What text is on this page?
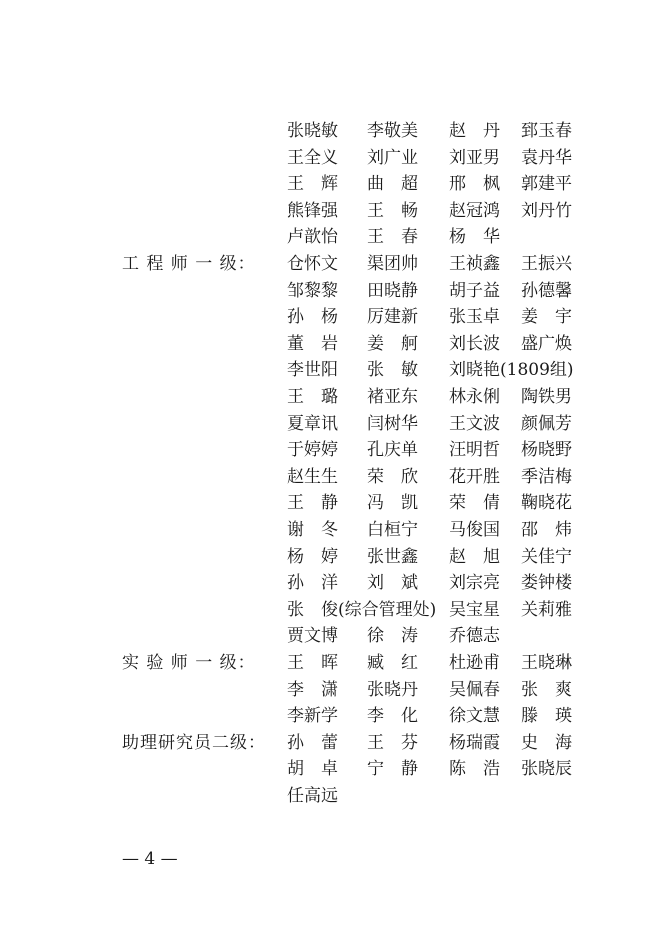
张晓敏 李敬美 赵　丹 郅玉春
王全义 刘广业 刘亚男 袁丹华
王　辉 曲　超 邢　枫 郭建平
熊锋强 王　畅 赵冠鸿 刘丹竹
卢歆怡 王　春 杨　华
工 程 师 一 级：	仓怀文 渠团帅 王祯鑫 王振兴
邹黎黎 田晓静 胡子益 孙德馨
孙　杨 厉建新 张玉卓 姜　宇
董　岩 姜　舸 刘长波 盛广焕
李世阳 张　敏 刘晓艳(1809组)
王　璐 褚亚东 林永俐 陶铁男
夏章讯 闫树华 王文波 颜佩芳
于婷婷 孔庆单 汪明哲 杨晓野
赵生生 荣　欣 花开胜 季洁梅
王　静 冯　凯 荣　倩 鞠晓花
谢　冬 白桓宁 马俊国 邵　炜
杨　婷 张世鑫 赵　旭 关佳宁
孙　洋 刘　斌 刘宗亮 娄钟楼
张　俊(综合管理处) 吴宝星 关莉雅
贾文博 徐　涛 乔德志
实 验 师 一 级：	王　晖 臧　红 杜逊甫 王晓琳
李　潇 张晓丹 吴佩春 张　爽
李新学 李　化 徐文慧 滕　瑛
助理研究员二级：	孙　蕾 王　芬 杨瑞霞 史　海
胡　卓 宁　静 陈　浩 张晓辰
任高远
— 4 —
